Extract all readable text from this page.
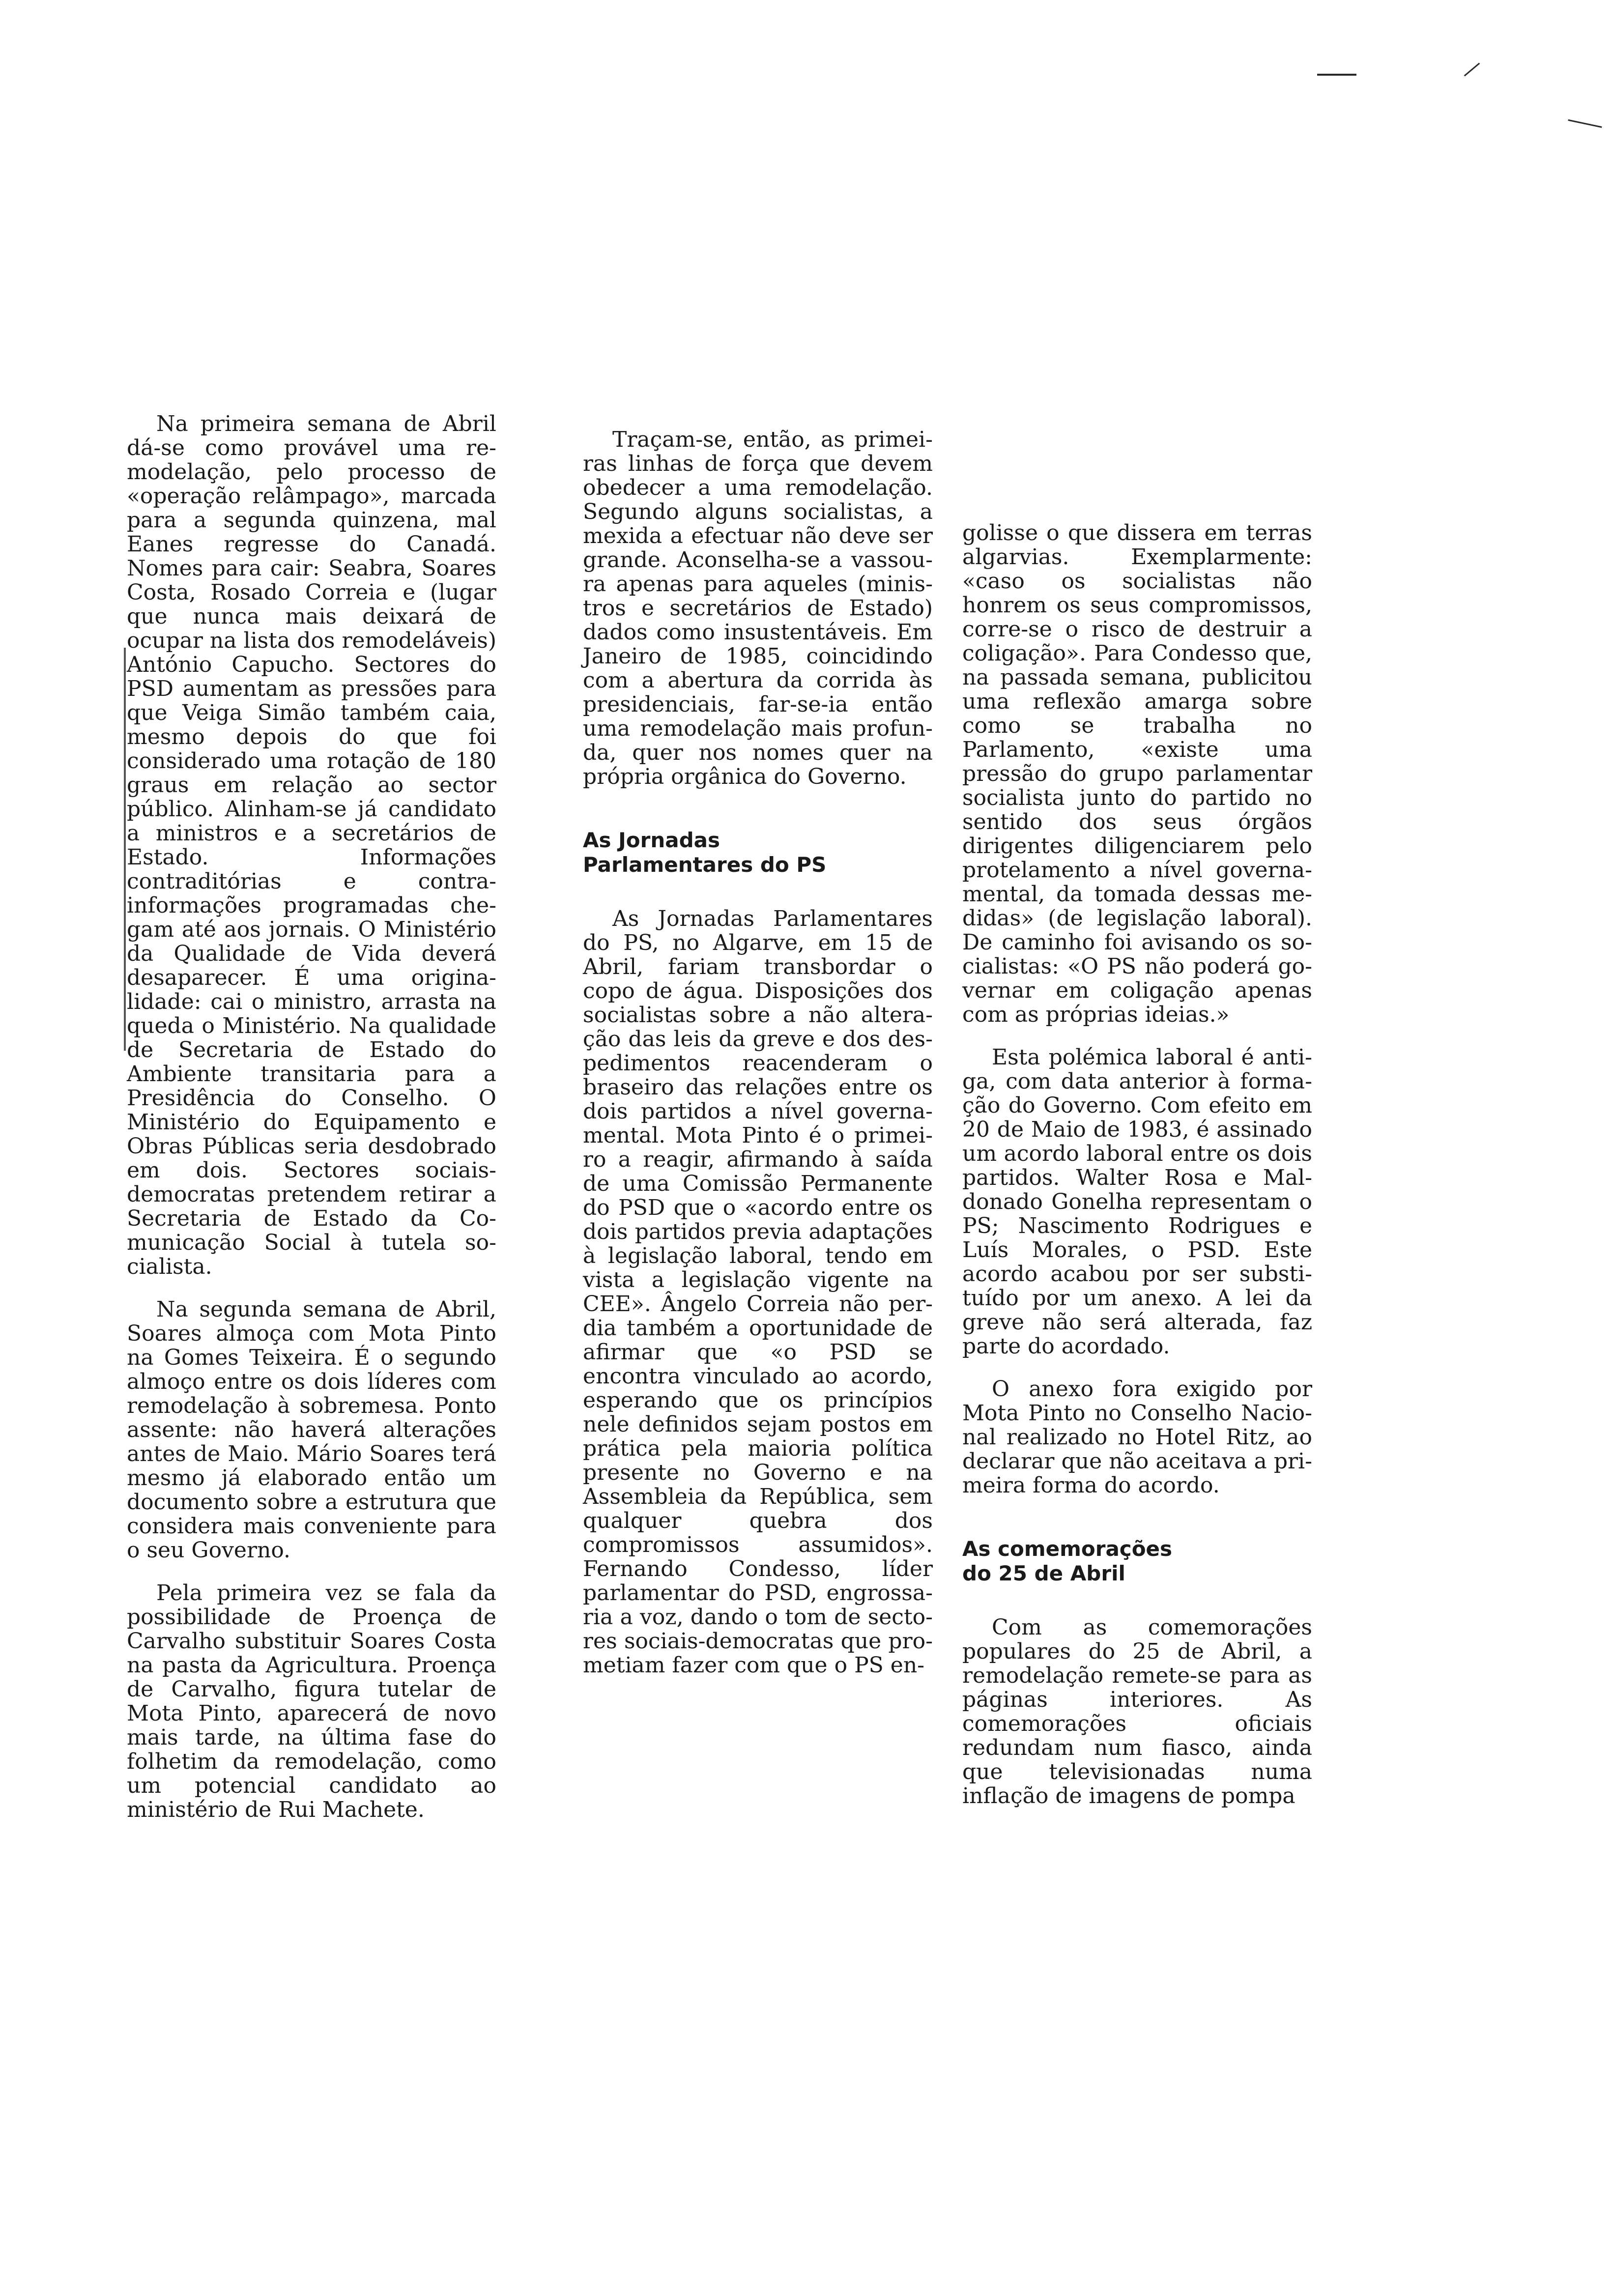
Na primeira semana de Abril dá-se como provável uma remodelação, pelo processo de «operação relâmpago», marcada para a segunda quinzena, mal Eanes regresse do Canadá. Nomes para cair: Seabra, Soares Costa, Rosado Correia e (lugar que nunca mais deixará de ocupar na lista dos remodeláveis) António Capucho. Sectores do PSD aumentam as pressões para que Veiga Simão também caia, mesmo depois do que foi considerado uma rotação de 180 graus em relação ao sector público. Alinham-se já candidato a ministros e a secretários de Estado. Informações contraditórias e contra-informações programadas chegam até aos jornais. O Ministério da Qualidade de Vida deverá desaparecer. É uma originalidade: cai o ministro, arrasta na queda o Ministério. Na qualidade de Secretaria de Estado do Ambiente transitaria para a Presidência do Conselho. O Ministério do Equipamento e Obras Públicas seria desdobrado em dois. Sectores sociais-democratas pretendem retirar a Secretaria de Estado da Comunicação Social à tutela socialista.

Na segunda semana de Abril, Soares almoça com Mota Pinto na Gomes Teixeira. É o segundo almoço entre os dois líderes com remodelação à sobremesa. Ponto assente: não haverá alterações antes de Maio. Mário Soares terá mesmo já elaborado então um documento sobre a estrutura que considera mais conveniente para o seu Governo.

Pela primeira vez se fala da possibilidade de Proença de Carvalho substituir Soares Costa na pasta da Agricultura. Proença de Carvalho, figura tutelar de Mota Pinto, aparecerá de novo mais tarde, na última fase do folhetim da remodelação, como um potencial candidato ao ministério de Rui Machete.

Traçam-se, então, as primeiras linhas de força que devem obedecer a uma remodelação. Segundo alguns socialistas, a mexida a efectuar não deve ser grande. Aconselha-se a vassoura apenas para aqueles (ministros e secretários de Estado) dados como insustentáveis. Em Janeiro de 1985, coincidindo com a abertura da corrida às presidenciais, far-se-ia então uma remodelação mais profunda, quer nos nomes quer na própria orgânica do Governo.

As Jornadas
Parlamentares do PS

As Jornadas Parlamentares do PS, no Algarve, em 15 de Abril, fariam transbordar o copo de água. Disposições dos socialistas sobre a não alteração das leis da greve e dos despedimentos reacenderam o braseiro das relações entre os dois partidos a nível governamental. Mota Pinto é o primeiro a reagir, afirmando à saída de uma Comissão Permanente do PSD que o «acordo entre os dois partidos previa adaptações à legislação laboral, tendo em vista a legislação vigente na CEE». Ângelo Correia não perdia também a oportunidade de afirmar que «o PSD se encontra vinculado ao acordo, esperando que os princípios nele definidos sejam postos em prática pela maioria política presente no Governo e na Assembleia da República, sem qualquer quebra dos compromissos assumidos». Fernando Condesso, líder parlamentar do PSD, engrossaria a voz, dando o tom de sectores sociais-democratas que prometiam fazer com que o PS en-

golisse o que dissera em terras algarvias. Exemplarmente: «caso os socialistas não honrem os seus compromissos, corre-se o risco de destruir a coligação». Para Condesso que, na passada semana, publicitou uma reflexão amarga sobre como se trabalha no Parlamento, «existe uma pressão do grupo parlamentar socialista junto do partido no sentido dos seus órgãos dirigentes diligenciarem pelo protelamento a nível governamental, da tomada dessas medidas» (de legislação laboral). De caminho foi avisando os socialistas: «O PS não poderá governar em coligação apenas com as próprias ideias.»

Esta polémica laboral é antiga, com data anterior à formação do Governo. Com efeito em 20 de Maio de 1983, é assinado um acordo laboral entre os dois partidos. Walter Rosa e Maldonado Gonelha representam o PS; Nascimento Rodrigues e Luís Morales, o PSD. Este acordo acabou por ser substituído por um anexo. A lei da greve não será alterada, faz parte do acordado.

O anexo fora exigido por Mota Pinto no Conselho Nacional realizado no Hotel Ritz, ao declarar que não aceitava a primeira forma do acordo.

As comemorações
do 25 de Abril

Com as comemorações populares do 25 de Abril, a remodelação remete-se para as páginas interiores. As comemorações oficiais redundam num fiasco, ainda que televisionadas numa inflação de imagens de pompa
